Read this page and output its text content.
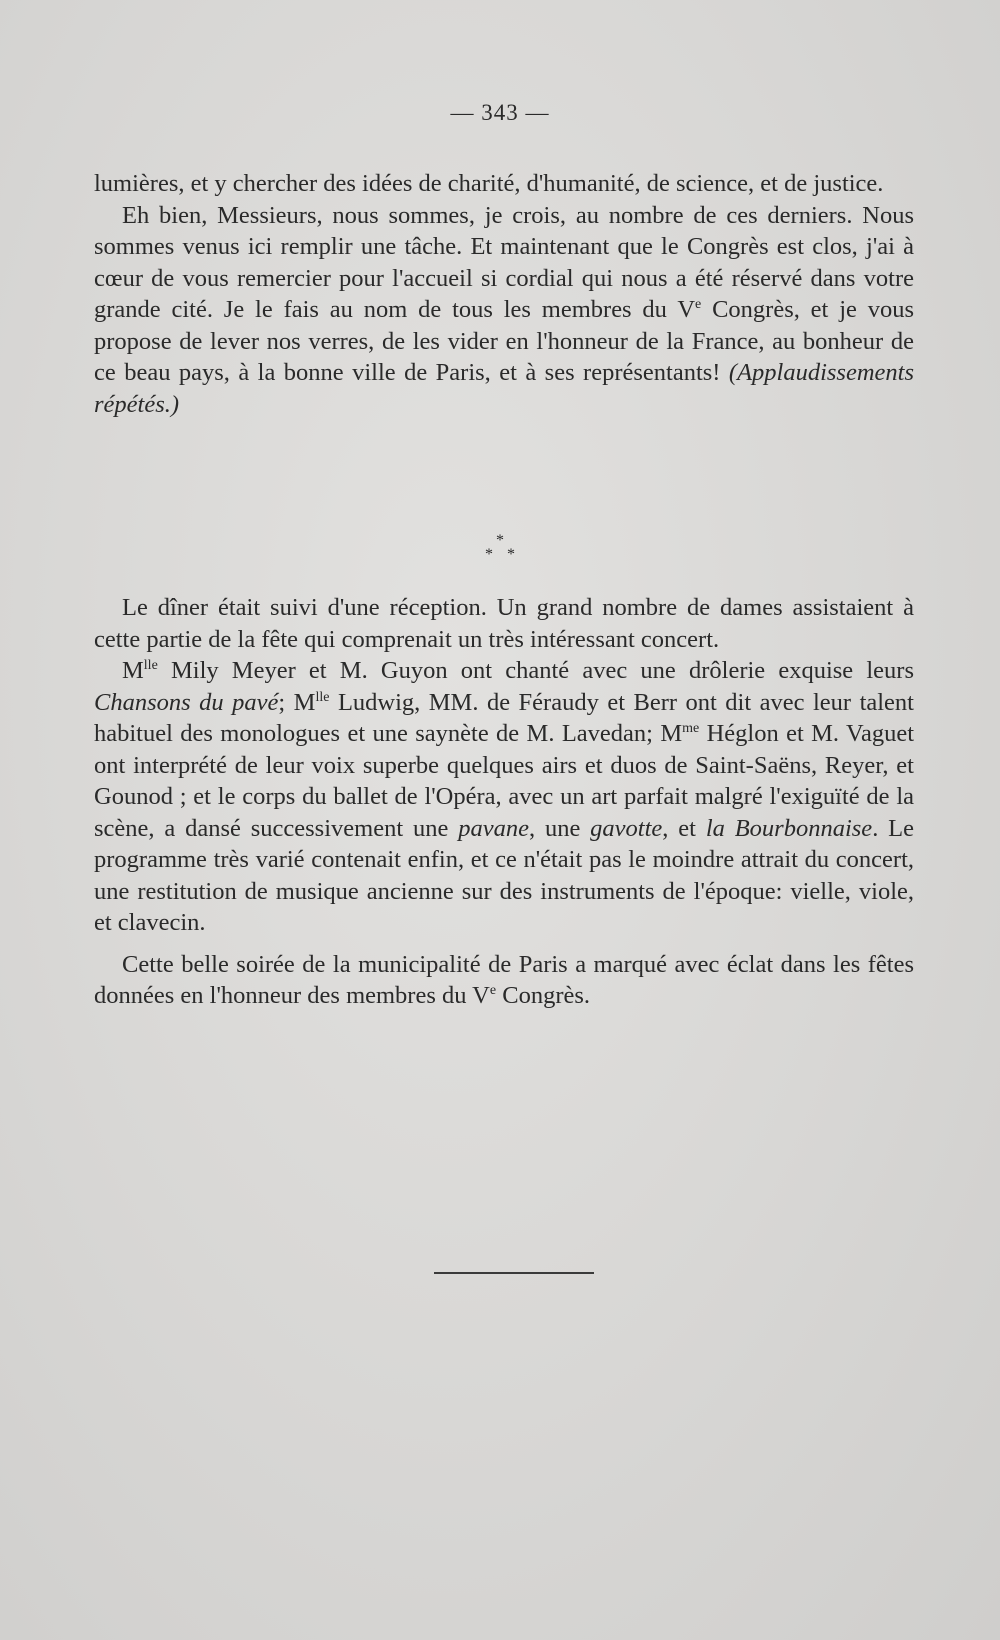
— 343 —

lumières, et y chercher des idées de charité, d'humanité, de science, et de justice.

Eh bien, Messieurs, nous sommes, je crois, au nombre de ces derniers. Nous sommes venus ici remplir une tâche. Et maintenant que le Congrès est clos, j'ai à cœur de vous remercier pour l'accueil si cordial qui nous a été réservé dans votre grande cité. Je le fais au nom de tous les membres du Ve Congrès, et je vous propose de lever nos verres, de les vider en l'honneur de la France, au bonheur de ce beau pays, à la bonne ville de Paris, et à ses représentants! (Applaudissements répétés.)

*
**

Le dîner était suivi d'une réception. Un grand nombre de dames assistaient à cette partie de la fête qui comprenait un très intéressant concert.

$M^{lle}$ Mily Meyer et M. Guyon ont chanté avec une drôlerie exquise leurs Chansons du pavé; $M^{lle}$ Ludwig, MM. de Féraudy et Berr ont dit avec leur talent habituel des monologues et une saynète de M. Lavedan; $M^{me}$ Héglon et M. Vaguet ont interprété de leur voix superbe quelques airs et duos de Saint-Saëns, Reyer, et Gounod ; et le corps du ballet de l'Opéra, avec un art parfait malgré l'exiguïté de la scène, a dansé successivement une pavane, une gavotte, et la Bourbonnaise. Le programme très varié contenait enfin, et ce n'était pas le moindre attrait du concert, une restitution de musique ancienne sur des instruments de l'époque: vielle, viole, et clavecin.

Cette belle soirée de la municipalité de Paris a marqué avec éclat dans les fêtes données en l'honneur des membres du Ve Congrès.
